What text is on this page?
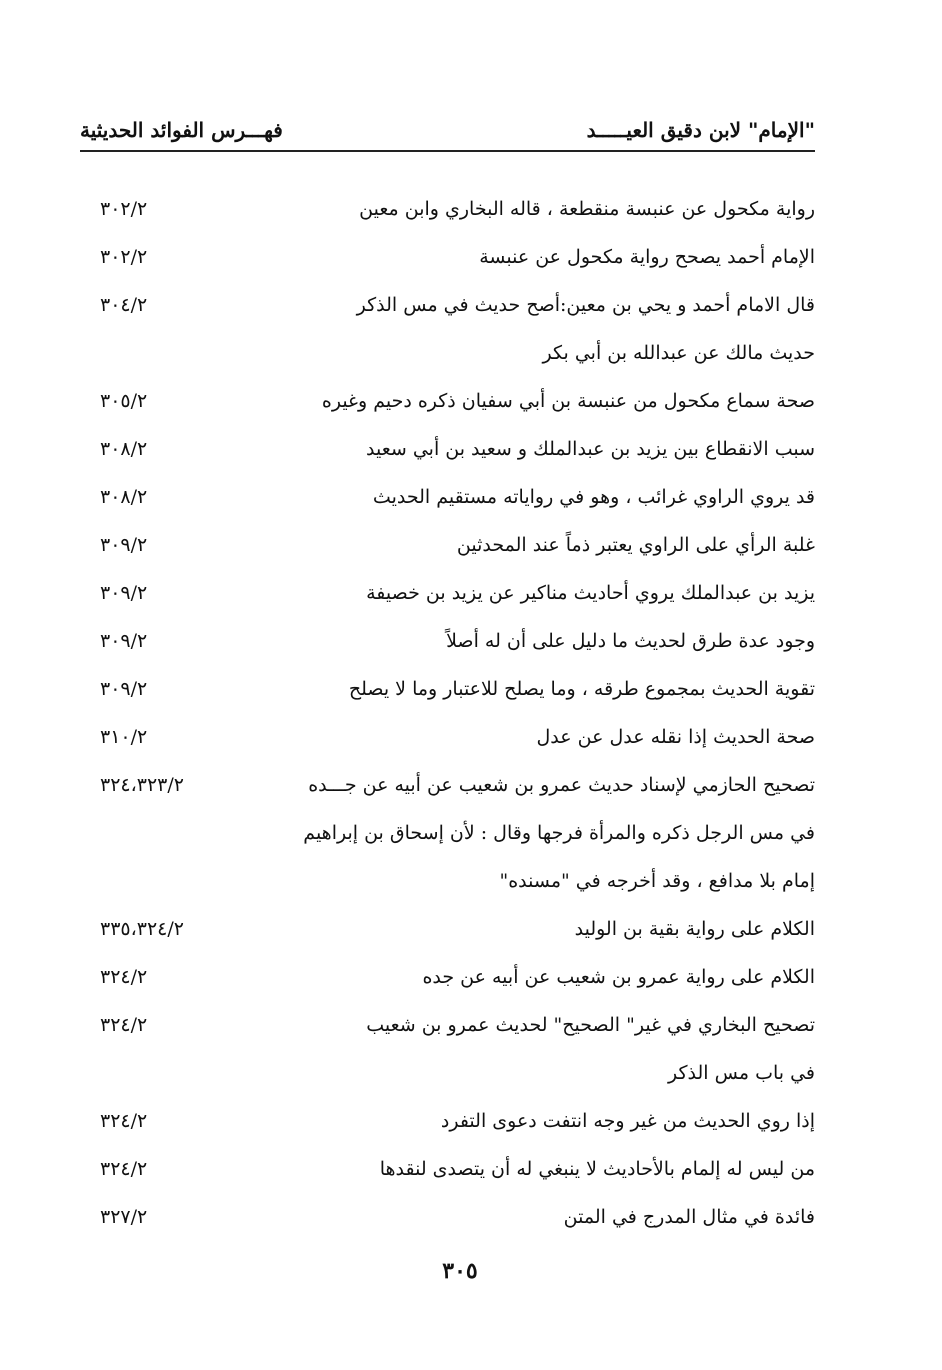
"الإمام" لابن دقيق العيـــــد
فهـــرس الفوائد الحديثية
رواية مكحول عن عنبسة منقطعة ، قاله البخاري وابن معين
٣٠٢/٢
الإمام أحمد يصحح رواية مكحول عن عنبسة
٣٠٢/٢
قال الامام أحمد و يحي بن معين:أصح حديث في مس الذكر
٣٠٤/٢
حديث مالك عن عبدالله بن أبي بكر
صحة سماع مكحول من عنبسة بن أبي سفيان ذكره دحيم وغيره
٣٠٥/٢
سبب الانقطاع بين يزيد بن عبدالملك و سعيد بن أبي سعيد
٣٠٨/٢
قد يروي الراوي غرائب ، وهو في رواياته مستقيم الحديث
٣٠٨/٢
غلبة الرأي على الراوي يعتبر ذماً عند المحدثين
٣٠٩/٢
يزيد بن عبدالملك يروي أحاديث مناكير عن يزيد بن خصيفة
٣٠٩/٢
وجود عدة طرق لحديث ما دليل على أن له أصلاً
٣٠٩/٢
تقوية الحديث بمجموع طرقه ، وما يصلح للاعتبار وما لا يصلح
٣٠٩/٢
صحة الحديث إذا نقله عدل عن عدل
٣١٠/٢
تصحيح الحازمي لإسناد حديث عمرو بن شعيب عن أبيه عن جـــده
٣٢٤،٣٢٣/٢
في مس الرجل ذكره والمرأة فرجها وقال : لأن إسحاق بن إبراهيم
إمام بلا مدافع ، وقد أخرجه في "مسنده"
الكلام على رواية بقية بن الوليد
٣٣٥،٣٢٤/٢
الكلام على رواية عمرو بن شعيب عن أبيه عن جده
٣٢٤/٢
تصحيح البخاري في غير" الصحيح" لحديث عمرو بن شعيب
٣٢٤/٢
في باب مس الذكر
إذا روي الحديث من غير وجه انتفت دعوى التفرد
٣٢٤/٢
من ليس له إلمام بالأحاديث لا ينبغي له أن يتصدى لنقدها
٣٢٤/٢
فائدة في مثال المدرج في المتن
٣٢٧/٢
٣٠٥
